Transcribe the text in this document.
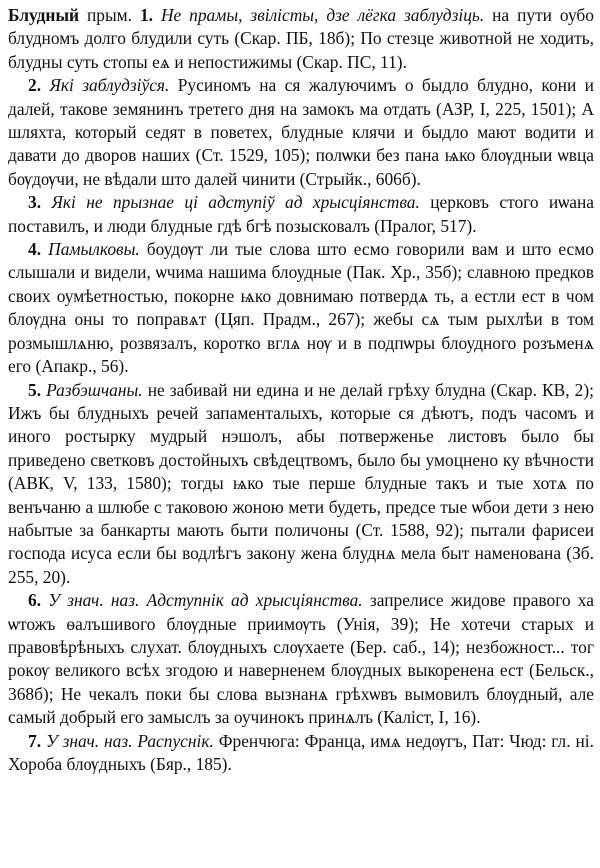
Блудный прым. 1. Не прамы, звілісты, дзе лёгка заблудзіць. на пути оубо блудномъ долго блудили суть (Скар. ПБ, 18б); По стезце животной не ходить, блудны суть стопы еѧ и непостижимы (Скар. ПС, 11).

2. Які заблудзіўся. Русиномъ на ся жалуючимъ о быдло блудно, кони и далей, такове земянинъ третего дня на замокъ мa отдать (АЗР, I, 225, 1501); А шляхта, который седят в поветех, блудные клячи и быдло мают водити и давати до дворов наших (Ст. 1529, 105); полѡки без пана ѩко блѹдныи ѡвца бѹдѹчи, не вѣдали што далей чинити (Стрыйк., 606б).

3. Які не прызнае ці адступіў ад хрысціянства. церковъ стого иѡана поставилъ, и люди блудные гдѣ бгѣ позысковалъ (Пралог, 517).

4. Памылковы. боудѹт ли тые слова што есмо говорили вам и што есмо слышали и видели, ѡчима нашима блоудные (Пак. Хр., 35б); славною предков своих оумѣетностью, покорне ѩко довнимаю потвердѧ ть, а естли ест в чом блѹдна оны то поправѧт (Цяп. Прадм., 267); жебы сѧ тым рыхлѣи в том розмышлѧню, розвязалъ, коротко вглѧ нѹ и в подпѡры блоудного розъменѧ его (Апакр., 56).

5. Разбэшчаны. не забивай ни едина и не делай грѣху блудна (Скар. КВ, 2); Ижъ бы блудныхъ речей запаменталыхъ, которые ся дѣютъ, подъ часомъ и иного ростырку мудрый нэшолъ, абы потверженье листовъ было бы приведено светковъ достойныхъ свѣдецтвомъ, было бы умоцнено ку вѣчности (АВК, V, 133, 1580); тогды ѩко тые перше блудные такъ и тые хотѧ по венъчаню а шлюбе с таковою жоною мети будеть, предсе тые ѡбои дети з нею набытые за банкарты мають быти поличоны (Ст. 1588, 92); пытали фарисеи господа исуса если бы водлѣгъ закону жена блуднѧ мела быт наменована (Зб. 255, 20).

6. У знач. наз. Адступнік ад хрысціянства. запрелисе жидове правого ха ѡтожъ ѳалъшивого блѹдные приимѹть (Унія, 39); Не хотечи старых и правовѣрѣныхъ слухат. блѹдныхъ слѹхаете (Бер. саб., 14); незбожност... тог рокѹ великого всѣх згодою и наверненем блѹдных выкоренена ест (Бельск., 368б); Не чекалъ поки бы слова вызнанѧ грѣхѡвъ вымовилъ блѹдный, але самый добрый его замыслъ за оучинокъ принѧлъ (Каліст, I, 16).

7. У знач. наз. Распуснік. Френчюга: Франца, имѧ недѹгъ, Пат: Чюд: гл. ні. Хороба блѹдныхъ (Бяр., 185).
